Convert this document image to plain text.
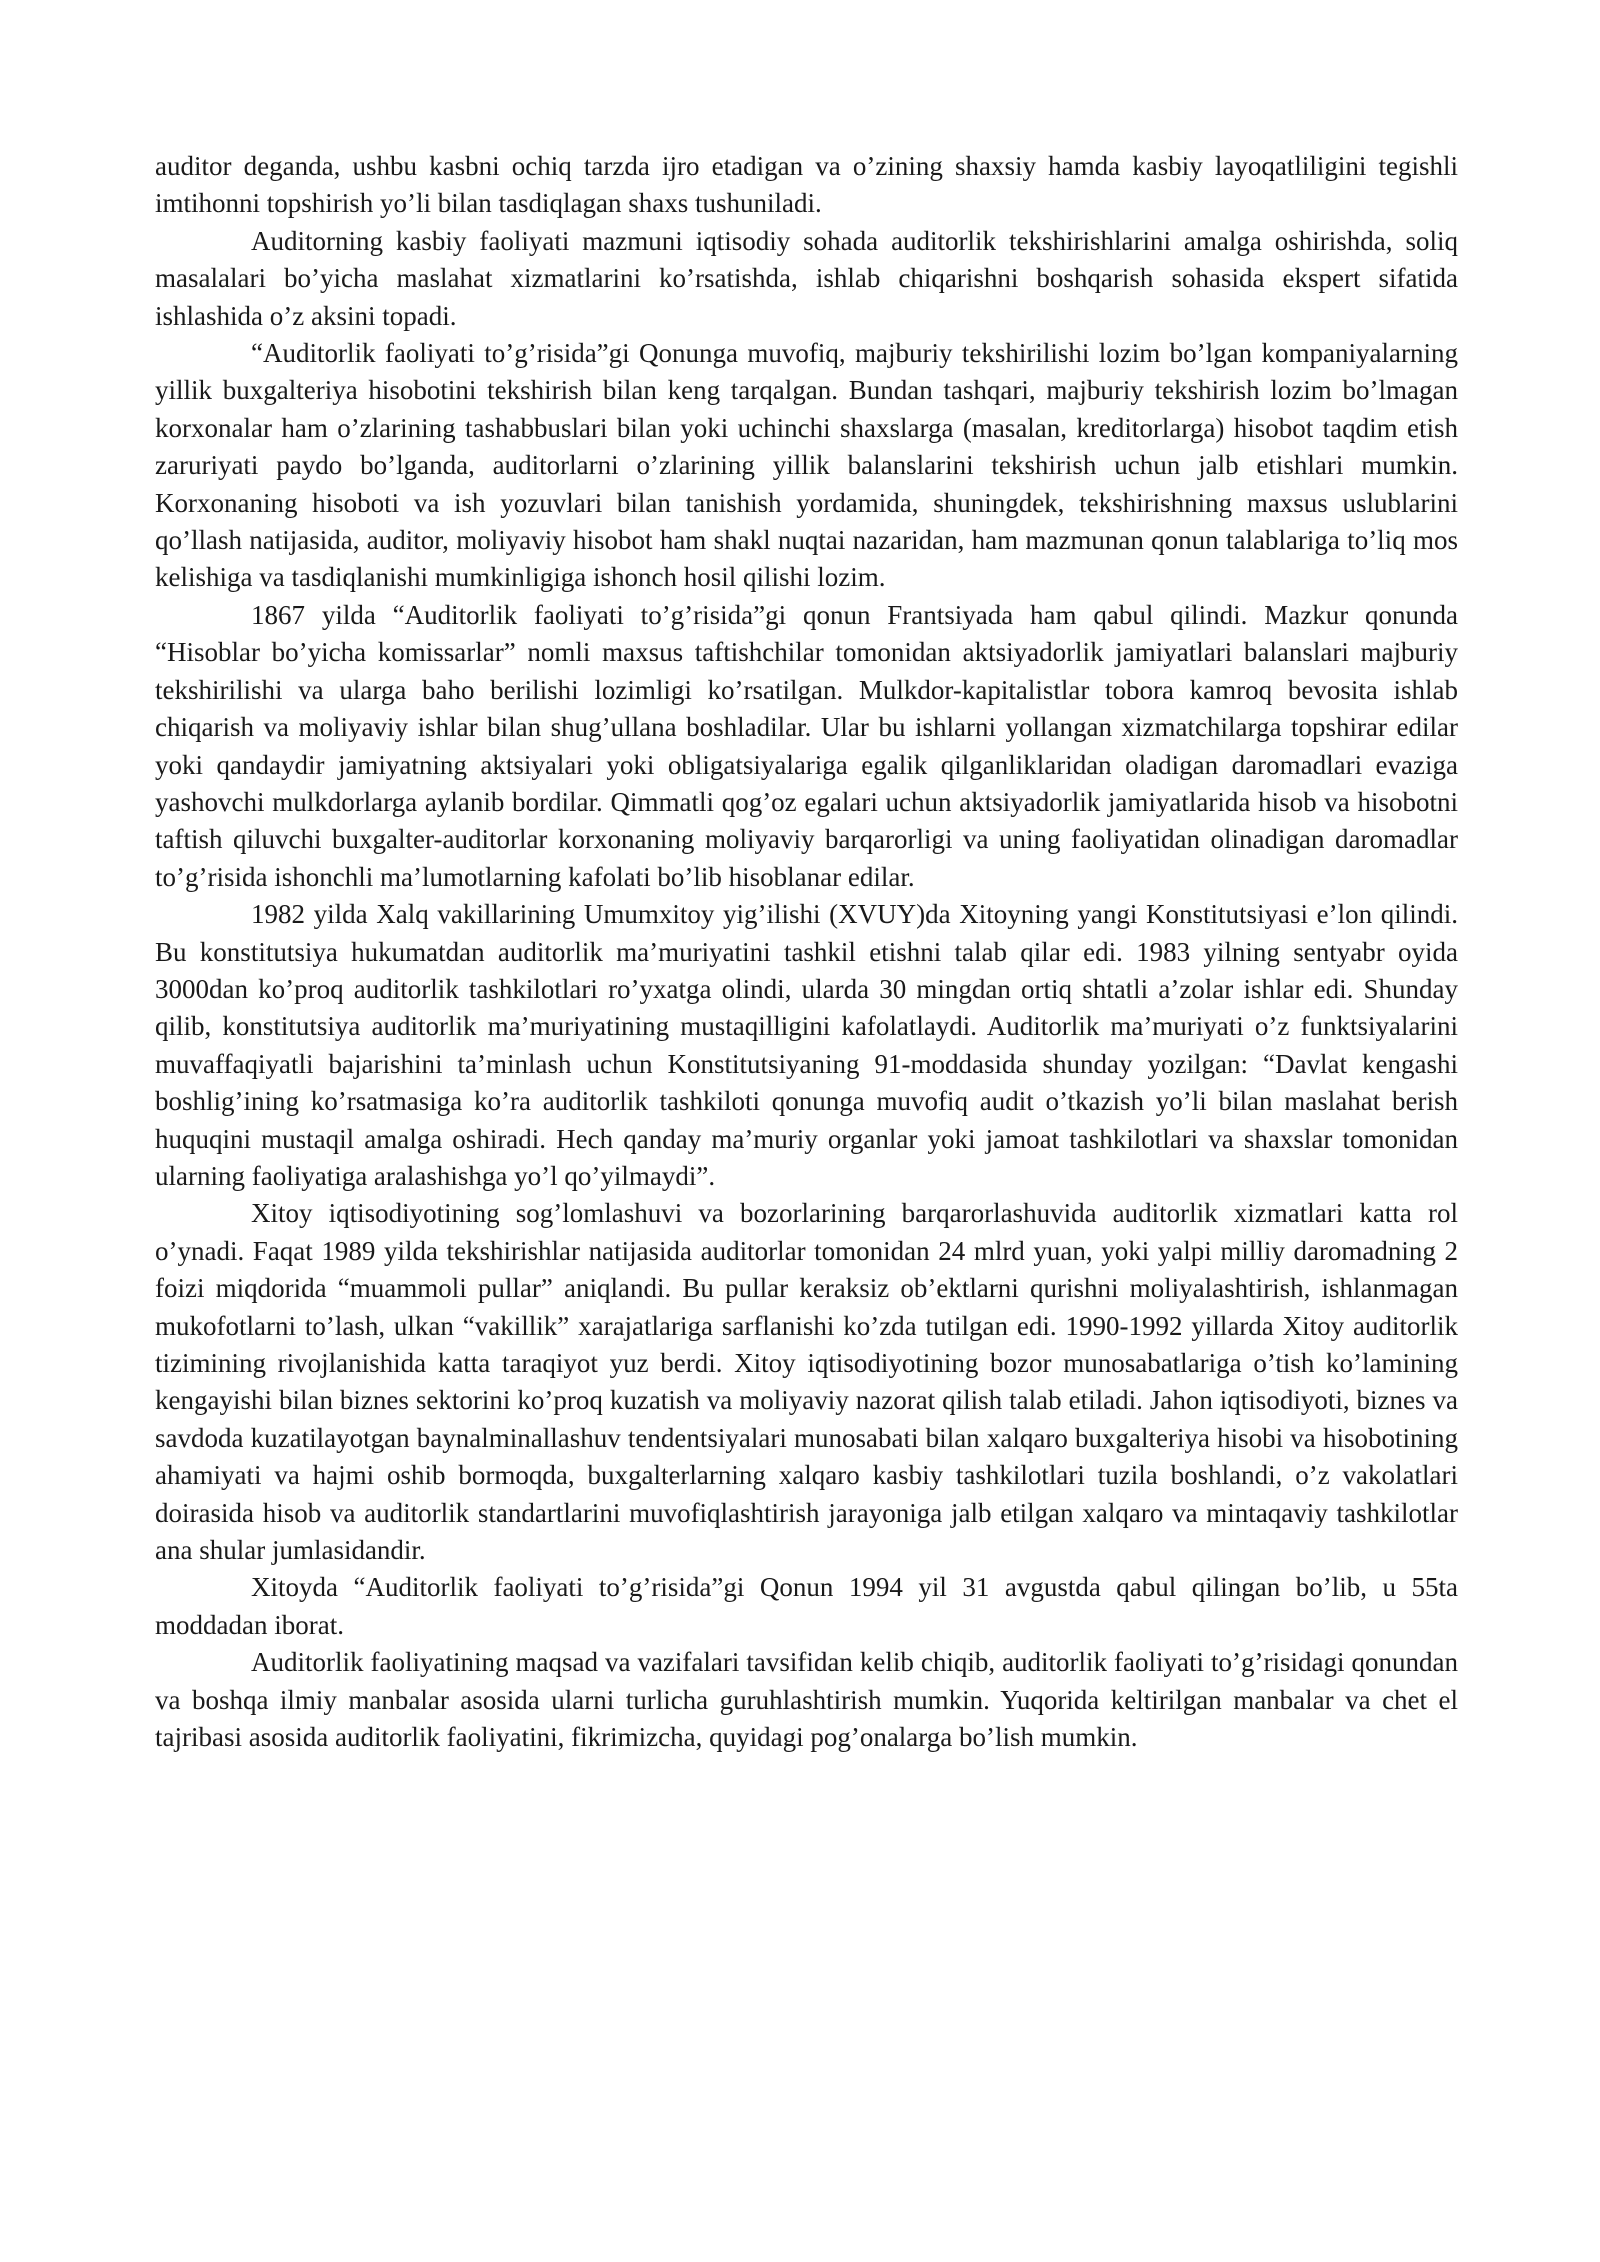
auditor deganda, ushbu kasbni ochiq tarzda ijro etadigan va o’zining shaxsiy hamda kasbiy layoqatliligini tegishli imtihonni topshirish yo’li bilan tasdiqlagan shaxs tushuniladi.

Auditorning kasbiy faoliyati mazmuni iqtisodiy sohada auditorlik tekshirishlarini amalga oshirishda, soliq masalalari bo’yicha maslahat xizmatlarini ko’rsatishda, ishlab chiqarishni boshqarish sohasida ekspert sifatida ishlashida o’z aksini topadi.

“Auditorlik faoliyati to’g’risida”gi Qonunga muvofiq, majburiy tekshirilishi lozim bo’lgan kompaniyalarning yillik buxgalteriya hisobotini tekshirish bilan keng tarqalgan. Bundan tashqari, majburiy tekshirish lozim bo’lmagan korxonalar ham o’zlarining tashabbuslari bilan yoki uchinchi shaxslarga (masalan, kreditorlarga) hisobot taqdim etish zaruriyati paydo bo’lganda, auditorlarni o’zlarining yillik balanslarini tekshirish uchun jalb etishlari mumkin. Korxonaning hisoboti va ish yozuvlari bilan tanishish yordamida, shuningdek, tekshirishning maxsus uslublarini qo’llash natijasida, auditor, moliyaviy hisobot ham shakl nuqtai nazaridan, ham mazmunan qonun talablariga to’liq mos kelishiga va tasdiqlanishi mumkinligiga ishonch hosil qilishi lozim.

1867 yilda “Auditorlik faoliyati to’g’risida”gi qonun Frantsiyada ham qabul qilindi. Mazkur qonunda “Hisoblar bo’yicha komissarlar” nomli maxsus taftishchilar tomonidan aktsiyadorlik jamiyatlari balanslari majburiy tekshirilishi va ularga baho berilishi lozimligi ko’rsatilgan. Mulkdor-kapitalistlar tobora kamroq bevosita ishlab chiqarish va moliyaviy ishlar bilan shug’ullana boshladilar. Ular bu ishlarni yollangan xizmatchilarga topshirar edilar yoki qandaydir jamiyatning aktsiyalari yoki obligatsiyalariga egalik qilganliklaridan oladigan daromadlari evaziga yashovchi mulkdorlarga aylanib bordilar. Qimmatli qog’oz egalari uchun aktsiyadorlik jamiyatlarida hisob va hisobotni taftish qiluvchi buxgalter-auditorlar korxonaning moliyaviy barqarorligi va uning faoliyatidan olinadigan daromadlar to’g’risida ishonchli ma’lumotlarning kafolati bo’lib hisoblanar edilar.

1982 yilda Xalq vakillarining Umumxitoy yig’ilishi (XVUY)da Xitoyning yangi Konstitutsiyasi e’lon qilindi. Bu konstitutsiya hukumatdan auditorlik ma’muriyatini tashkil etishni talab qilar edi. 1983 yilning sentyabr oyida 3000dan ko’proq auditorlik tashkilotlari ro’yxatga olindi, ularda 30 mingdan ortiq shtatli a’zolar ishlar edi. Shunday qilib, konstitutsiya auditorlik ma’muriyatining mustaqilligini kafolatlaydi. Auditorlik ma’muriyati o’z funktsiyalarini muvaffaqiyatli bajarishini ta’minlash uchun Konstitutsiyaning 91-moddasida shunday yozilgan: “Davlat kengashi boshlig’ining ko’rsatmasiga ko’ra auditorlik tashkiloti qonunga muvofiq audit o’tkazish yo’li bilan maslahat berish huquqini mustaqil amalga oshiradi. Hech qanday ma’muriy organlar yoki jamoat tashkilotlari va shaxslar tomonidan ularning faoliyatiga aralashishga yo’l qo’yilmaydi”.

Xitoy iqtisodiyotining sog’lomlashuvi va bozorlarining barqarorlashuvida auditorlik xizmatlari katta rol o’ynadi. Faqat 1989 yilda tekshirishlar natijasida auditorlar tomonidan 24 mlrd yuan, yoki yalpi milliy daromadning 2 foizi miqdorida “muammoli pullar” aniqlandi. Bu pullar keraksiz ob’ektlarni qurishni moliyalashtirish, ishlanmagan mukofotlarni to’lash, ulkan “vakillik” xarajatlariga sarflanishi ko’zda tutilgan edi. 1990-1992 yillarda Xitoy auditorlik tizimining rivojlanishida katta taraqiyot yuz berdi. Xitoy iqtisodiyotining bozor munosabatlariga o’tish ko’lamining kengayishi bilan biznes sektorini ko’proq kuzatish va moliyaviy nazorat qilish talab etiladi. Jahon iqtisodiyoti, biznes va savdoda kuzatilayotgan baynalminallashuv tendentsiyalari munosabati bilan xalqaro buxgalteriya hisobi va hisobotining ahamiyati va hajmi oshib bormoqda, buxgalterlarning xalqaro kasbiy tashkilotlari tuzila boshlandi, o’z vakolatlari doirasida hisob va auditorlik standartlarini muvofiqlashtirish jarayoniga jalb etilgan xalqaro va mintaqaviy tashkilotlar ana shular jumlasidandir.

Xitoyda “Auditorlik faoliyati to’g’risida”gi Qonun 1994 yil 31 avgustda qabul qilingan bo’lib, u 55ta moddadan iborat.

Auditorlik faoliyatining maqsad va vazifalari tavsifidan kelib chiqib, auditorlik faoliyati to’g’risidagi qonundan va boshqa ilmiy manbalar asosida ularni turlicha guruhlashtirish mumkin. Yuqorida keltirilgan manbalar va chet el tajribasi asosida auditorlik faoliyatini, fikrimizcha, quyidagi pog’onalarga bo’lish mumkin.
